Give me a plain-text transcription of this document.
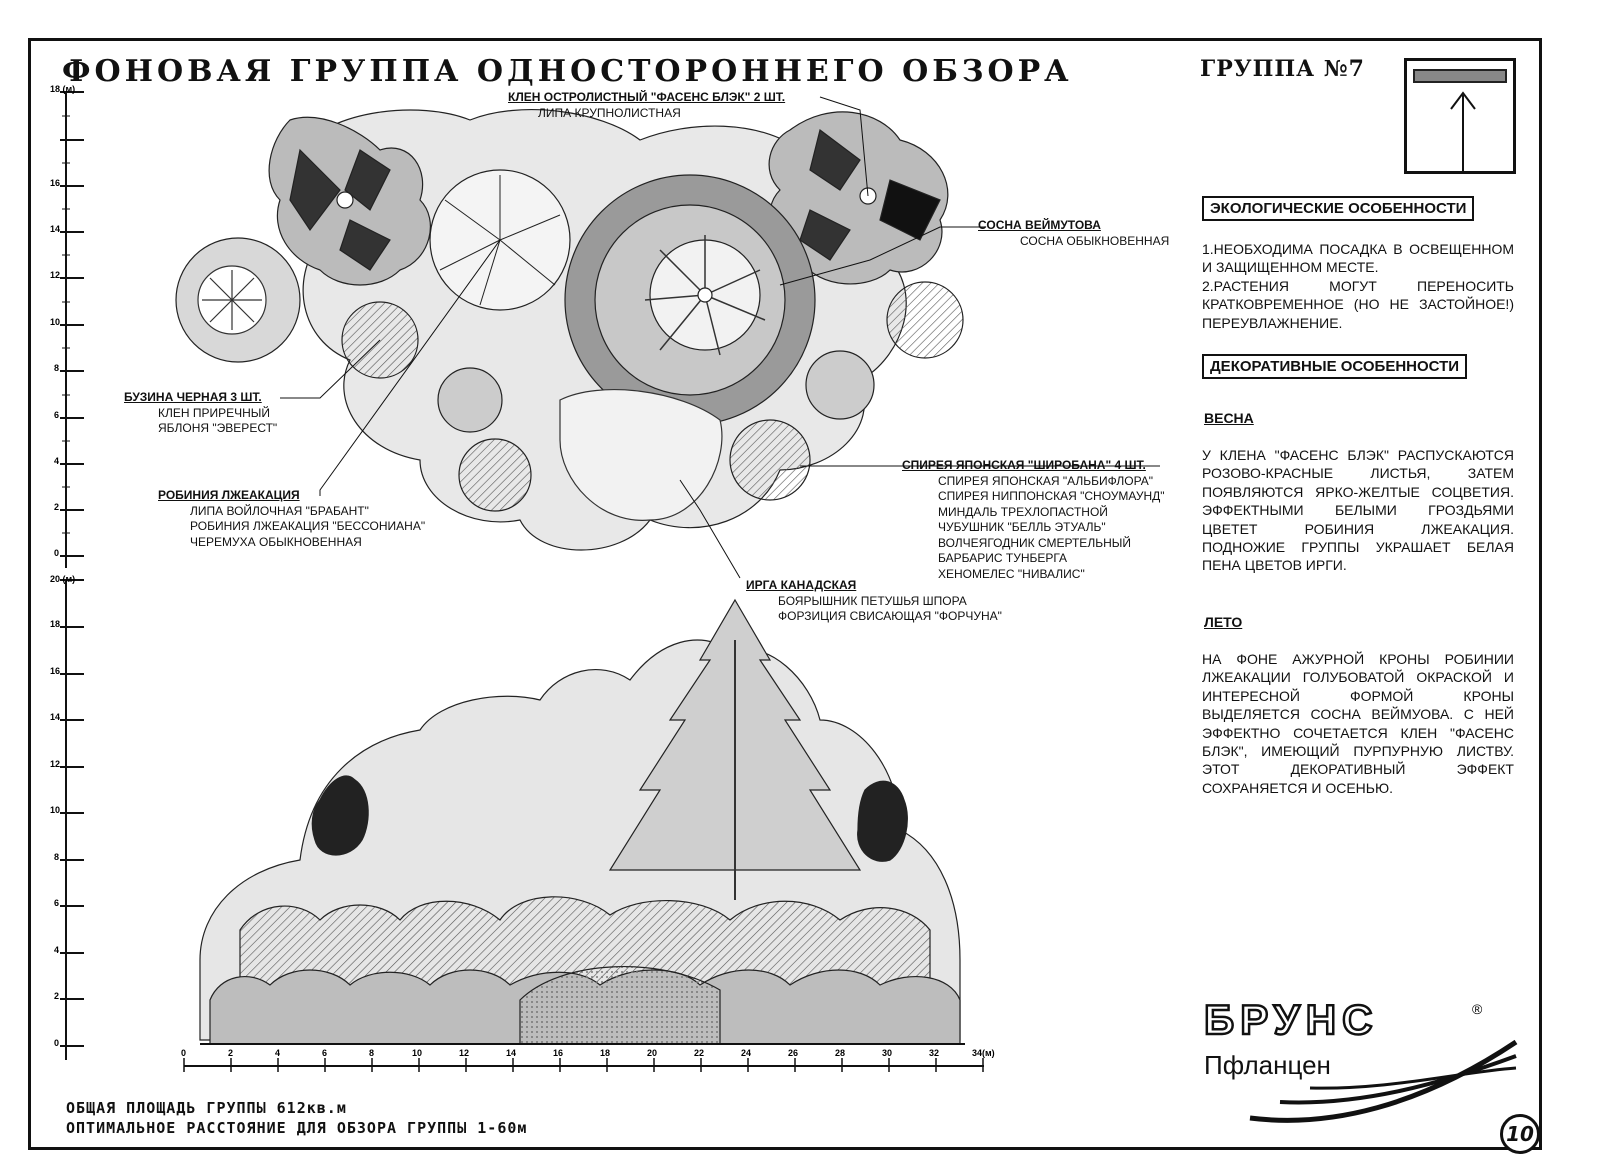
ФОНОВАЯ ГРУППА ОДНОСТОРОННЕГО ОБЗОРА	ГРУППА №7
18 (м)
16
14
12
10
8
6
4
2
0
20 (м)
18
16
14
12
10
8
6
4
2
0
0	2	4	6	8	10	12	14	16	18	20	22	24	26	28	30	32	34(м)
КЛЕН ОСТРОЛИСТНЫЙ "ФАСЕНС БЛЭК" 2 ШТ.
ЛИПА КРУПНОЛИСТНАЯ
СОСНА ВЕЙМУТОВА
СОСНА ОБЫКНОВЕННАЯ
БУЗИНА ЧЕРНАЯ 3 ШТ.
КЛЕН ПРИРЕЧНЫЙ
ЯБЛОНЯ "ЭВЕРЕСТ"
РОБИНИЯ ЛЖЕАКАЦИЯ
ЛИПА ВОЙЛОЧНАЯ "БРАБАНТ"
РОБИНИЯ ЛЖЕАКАЦИЯ "БЕССОНИАНА"
ЧЕРЕМУХА ОБЫКНОВЕННАЯ
СПИРЕЯ ЯПОНСКАЯ "ШИРОБАНА" 4 ШТ.
СПИРЕЯ ЯПОНСКАЯ "АЛЬБИФЛОРА"
СПИРЕЯ НИППОНСКАЯ "СНОУМАУНД"
МИНДАЛЬ ТРЕХЛОПАСТНОЙ
ЧУБУШНИК "БЕЛЛЬ ЭТУАЛЬ"
ВОЛЧЕЯГОДНИК СМЕРТЕЛЬНЫЙ
БАРБАРИС ТУНБЕРГА
ХЕНОМЕЛЕС "НИВАЛИС"
ИРГА КАНАДСКАЯ
БОЯРЫШНИК ПЕТУШЬЯ ШПОРА
ФОРЗИЦИЯ СВИСАЮЩАЯ "ФОРЧУНА"
ЭКОЛОГИЧЕСКИЕ ОСОБЕННОСТИ

1.НЕОБХОДИМА ПОСАДКА В ОСВЕЩЕННОМ И ЗАЩИЩЕННОМ МЕСТЕ.

2.РАСТЕНИЯ МОГУТ ПЕРЕНОСИТЬ КРАТКОВРЕМЕННОЕ (НО НЕ ЗАСТОЙНОЕ!) ПЕРЕУВЛАЖНЕНИЕ.

ДЕКОРАТИВНЫЕ ОСОБЕННОСТИ
ВЕСНА
У КЛЕНА "ФАСЕНС БЛЭК" РАСПУСКАЮТСЯ РОЗОВО-КРАСНЫЕ ЛИСТЬЯ, ЗАТЕМ ПОЯВЛЯЮТСЯ ЯРКО-ЖЕЛТЫЕ СОЦВЕТИЯ. ЭФФЕКТНЫМИ БЕЛЫМИ ГРОЗДЬЯМИ ЦВЕТЕТ РОБИНИЯ ЛЖЕАКАЦИЯ. ПОДНОЖИЕ ГРУППЫ УКРАШАЕТ БЕЛАЯ ПЕНА ЦВЕТОВ ИРГИ.
ЛЕТО
НА ФОНЕ АЖУРНОЙ КРОНЫ РОБИНИИ ЛЖЕАКАЦИИ ГОЛУБОВАТОЙ ОКРАСКОЙ И ИНТЕРЕСНОЙ ФОРМОЙ КРОНЫ ВЫДЕЛЯЕТСЯ СОСНА ВЕЙМУОВА. С НЕЙ ЭФФЕКТНО СОЧЕТАЕТСЯ КЛЕН "ФАСЕНС БЛЭК", ИМЕЮЩИЙ ПУРПУРНУЮ ЛИСТВУ. ЭТОТ ДЕКОРАТИВНЫЙ ЭФФЕКТ СОХРАНЯЕТСЯ И ОСЕНЬЮ.
БРУНС	®
Пфланцен
ОБЩАЯ ПЛОЩАДЬ ГРУППЫ 612кв.м
ОПТИМАЛЬНОЕ РАССТОЯНИЕ ДЛЯ ОБЗОРА ГРУППЫ 1-60м	10
